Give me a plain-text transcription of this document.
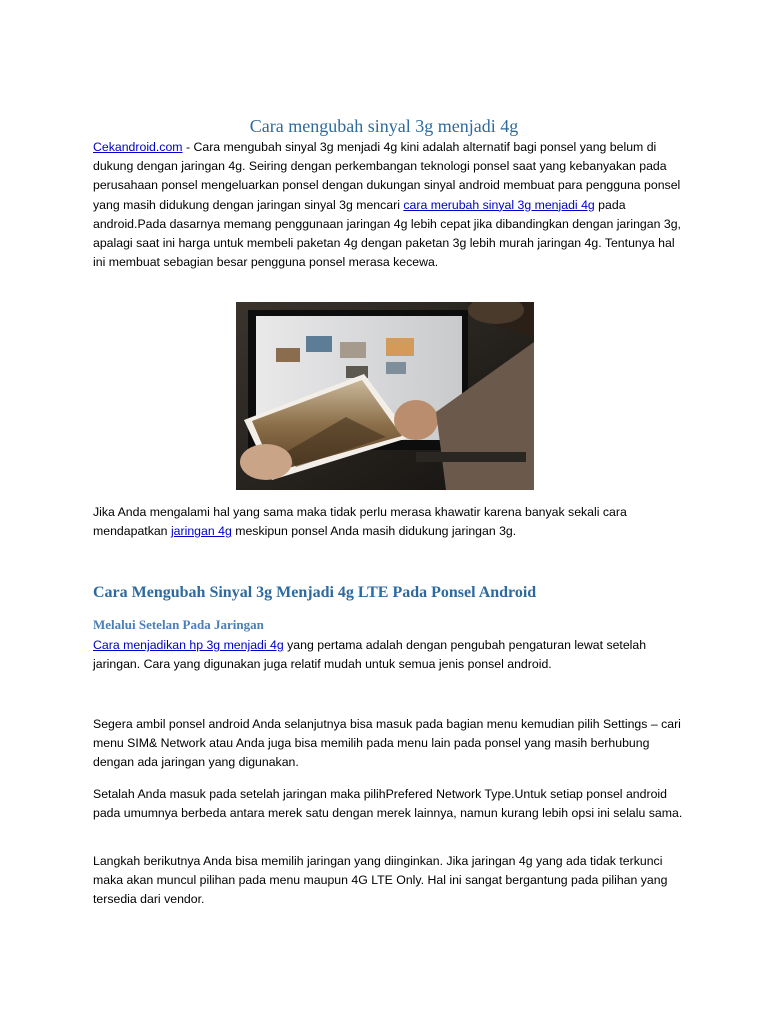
Cara mengubah sinyal 3g menjadi 4g

Cekandroid.com - Cara mengubah sinyal 3g menjadi 4g kini adalah alternatif bagi ponsel yang belum di dukung dengan jaringan 4g. Seiring dengan perkembangan teknologi ponsel saat yang kebanyakan pada perusahaan ponsel mengeluarkan ponsel dengan dukungan sinyal android membuat para pengguna ponsel yang masih didukung dengan jaringan sinyal 3g mencari cara merubah sinyal 3g menjadi 4g pada android.Pada dasarnya memang penggunaan jaringan 4g lebih cepat jika dibandingkan dengan jaringan 3g, apalagi saat ini harga untuk membeli paketan 4g dengan paketan 3g lebih murah jaringan 4g. Tentunya hal ini membuat sebagian besar pengguna ponsel merasa kecewa.

Jika Anda mengalami hal yang sama maka tidak perlu merasa khawatir karena banyak sekali cara mendapatkan jaringan 4g meskipun ponsel Anda masih didukung jaringan 3g.

Cara Mengubah Sinyal 3g Menjadi 4g LTE Pada Ponsel Android
Melalui Setelan Pada Jaringan

Cara menjadikan hp 3g menjadi 4g yang pertama adalah dengan pengubah pengaturan lewat setelah jaringan. Cara yang digunakan juga relatif mudah untuk semua jenis ponsel android.

Segera ambil ponsel android Anda selanjutnya bisa masuk pada bagian menu kemudian pilih Settings – cari menu SIM& Network atau Anda juga bisa memilih pada menu lain pada ponsel yang masih berhubung dengan ada jaringan yang digunakan.

Setalah Anda masuk pada setelah jaringan maka pilihPrefered Network Type.Untuk setiap ponsel android pada umumnya berbeda antara merek satu dengan merek lainnya, namun kurang lebih opsi ini selalu sama.

Langkah berikutnya Anda bisa memilih jaringan yang diinginkan. Jika jaringan 4g yang ada tidak terkunci maka akan muncul pilihan pada menu maupun 4G LTE Only. Hal ini sangat bergantung pada pilihan yang tersedia dari vendor.
